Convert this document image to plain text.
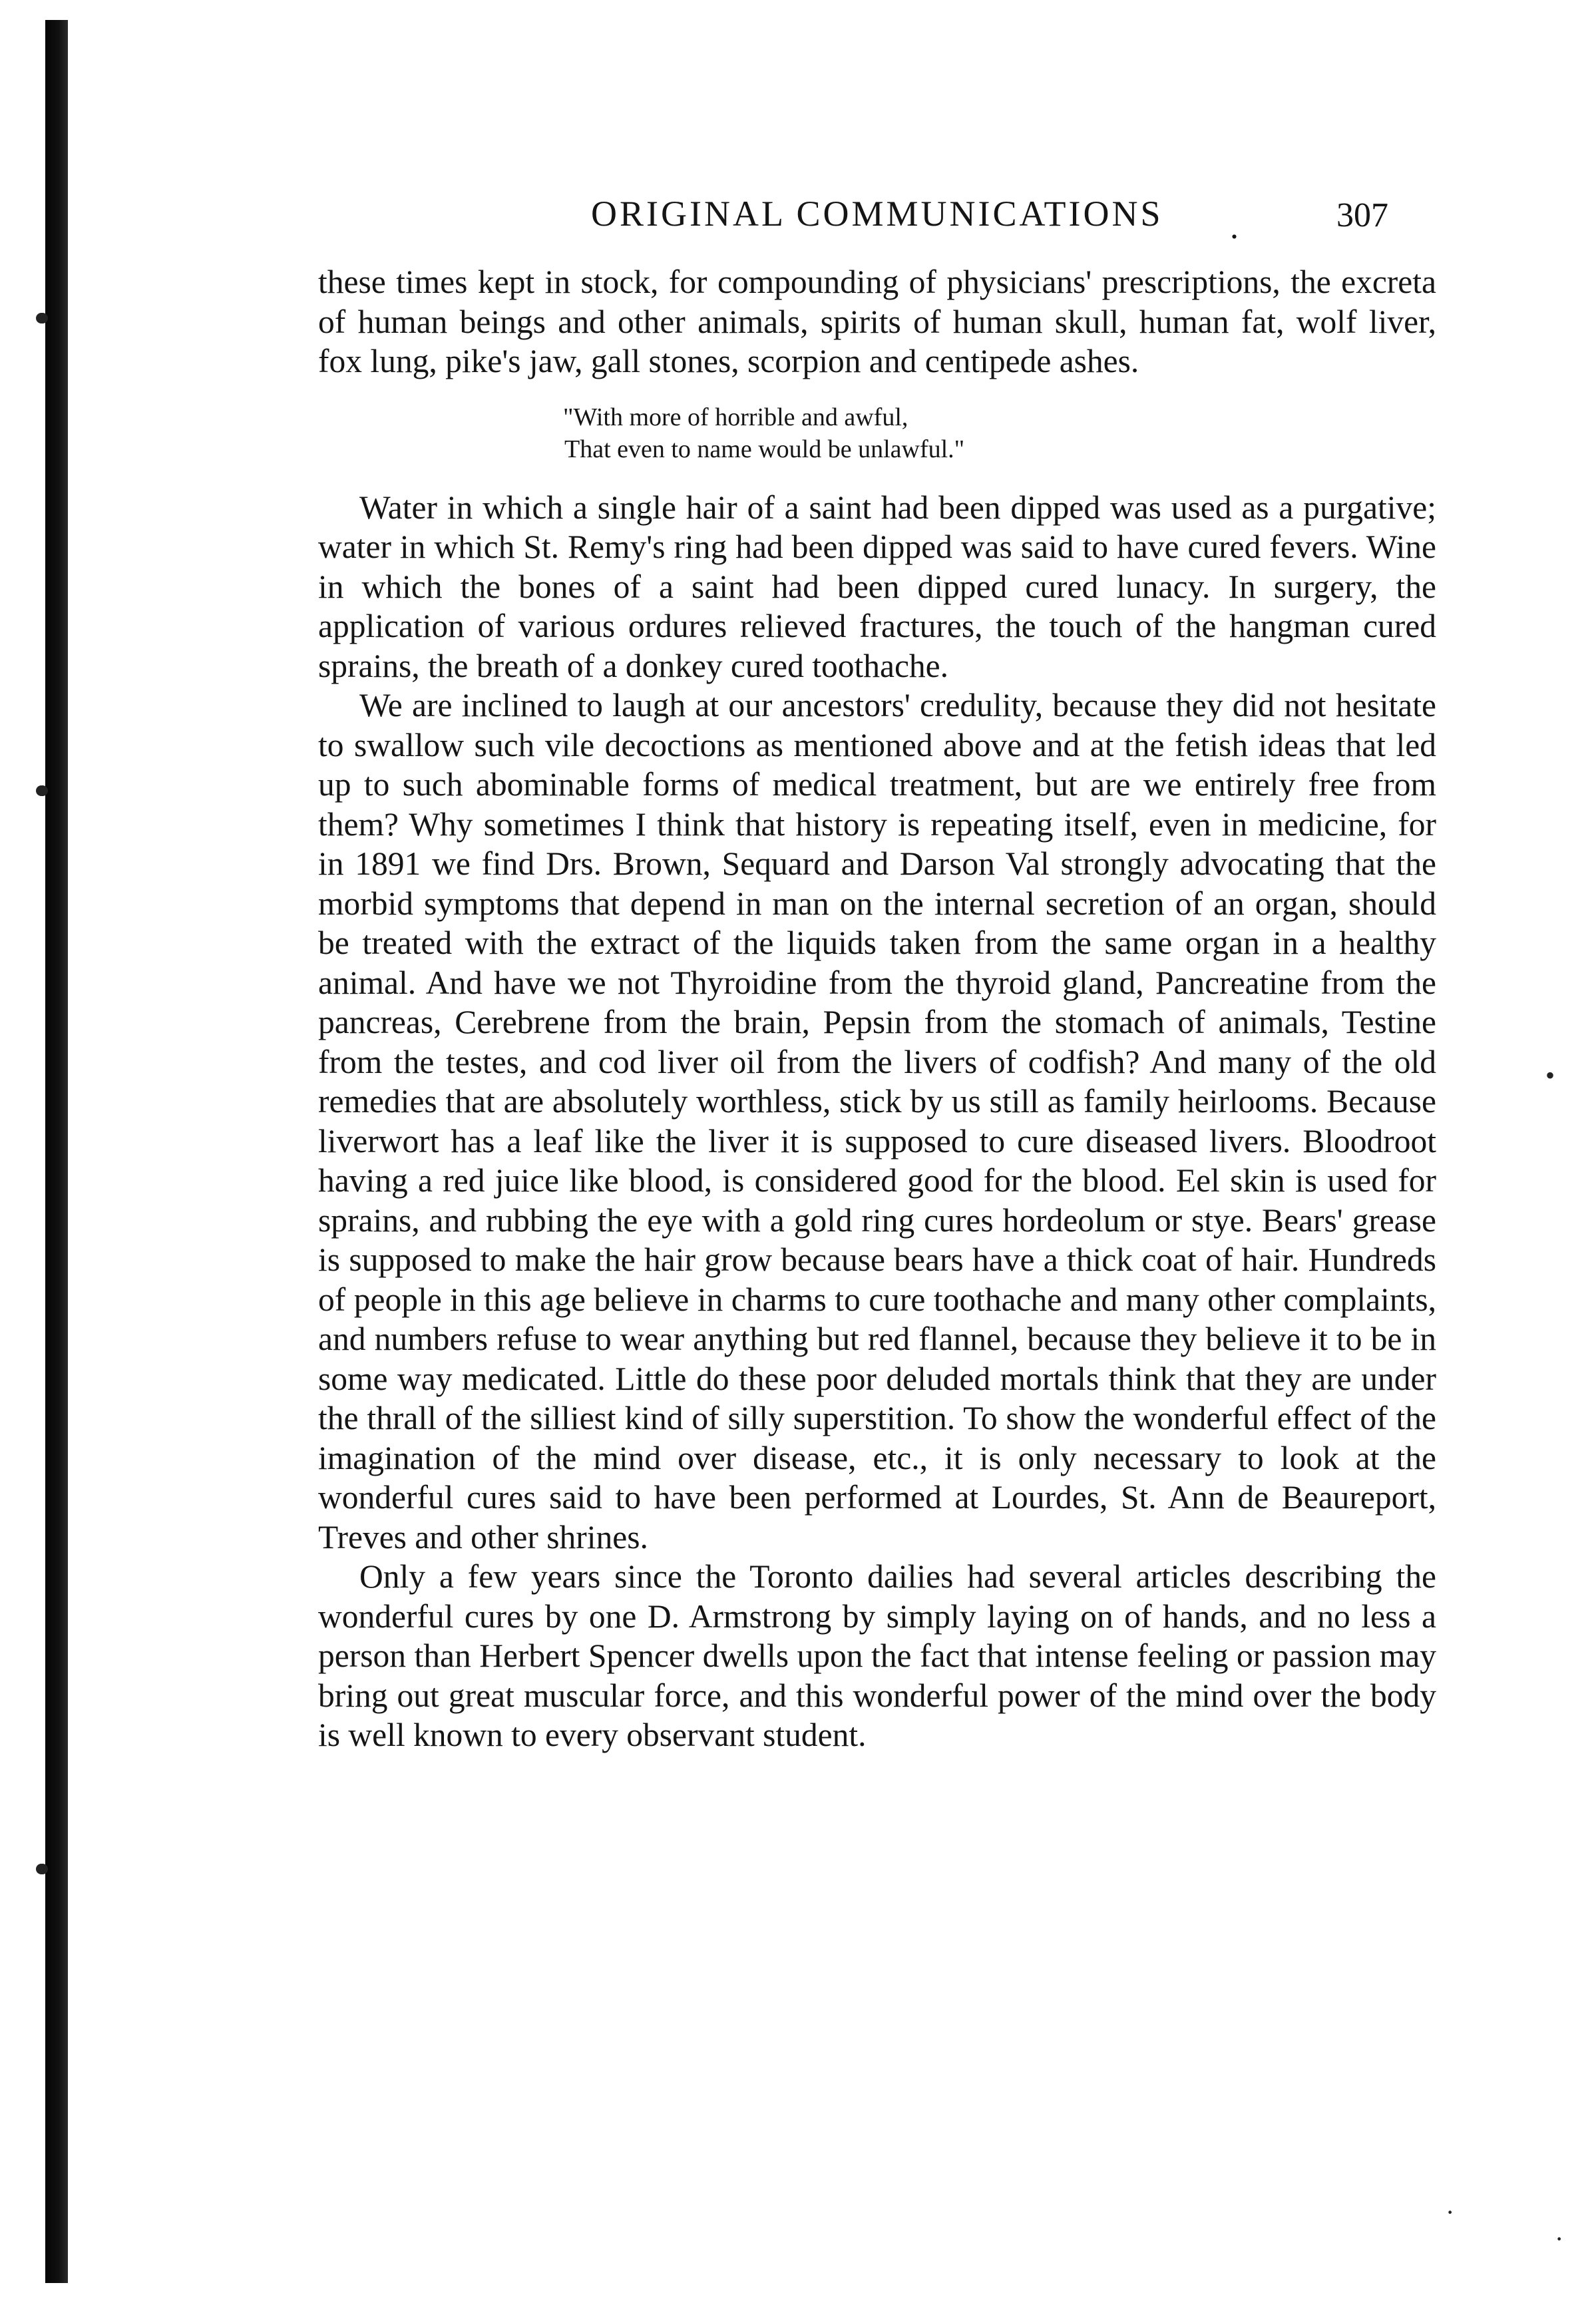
ORIGINAL COMMUNICATIONS .	307

these times kept in stock, for compounding of physicians' prescriptions, the excreta of human beings and other animals, spirits of human skull, human fat, wolf liver, fox lung, pike's jaw, gall stones, scorpion and centipede ashes.

"With more of horrible and awful,
That even to name would be unlawful."

Water in which a single hair of a saint had been dipped was used as a purgative; water in which St. Remy's ring had been dipped was said to have cured fevers. Wine in which the bones of a saint had been dipped cured lunacy. In surgery, the application of various ordures relieved fractures, the touch of the hangman cured sprains, the breath of a donkey cured toothache.

We are inclined to laugh at our ancestors' credulity, because they did not hesitate to swallow such vile decoctions as mentioned above and at the fetish ideas that led up to such abominable forms of medical treatment, but are we entirely free from them? Why sometimes I think that history is repeating itself, even in medicine, for in 1891 we find Drs. Brown, Sequard and Darson Val strongly advocating that the morbid symptoms that depend in man on the internal secretion of an organ, should be treated with the extract of the liquids taken from the same organ in a healthy animal. And have we not Thyroidine from the thyroid gland, Pancreatine from the pancreas, Cerebrene from the brain, Pepsin from the stomach of animals, Testine from the testes, and cod liver oil from the livers of codfish? And many of the old remedies that are absolutely worthless, stick by us still as family heirlooms. Because liverwort has a leaf like the liver it is supposed to cure diseased livers. Bloodroot having a red juice like blood, is considered good for the blood. Eel skin is used for sprains, and rubbing the eye with a gold ring cures hordeolum or stye. Bears' grease is supposed to make the hair grow because bears have a thick coat of hair. Hundreds of people in this age believe in charms to cure toothache and many other complaints, and numbers refuse to wear anything but red flannel, because they believe it to be in some way medicated. Little do these poor deluded mortals think that they are under the thrall of the silliest kind of silly superstition. To show the wonderful effect of the imagination of the mind over disease, etc., it is only necessary to look at the wonderful cures said to have been performed at Lourdes, St. Ann de Beaureport, Treves and other shrines.

Only a few years since the Toronto dailies had several articles describing the wonderful cures by one D. Armstrong by simply laying on of hands, and no less a person than Herbert Spencer dwells upon the fact that intense feeling or passion may bring out great muscular force, and this wonderful power of the mind over the body is well known to every observant student.

•
·
·
